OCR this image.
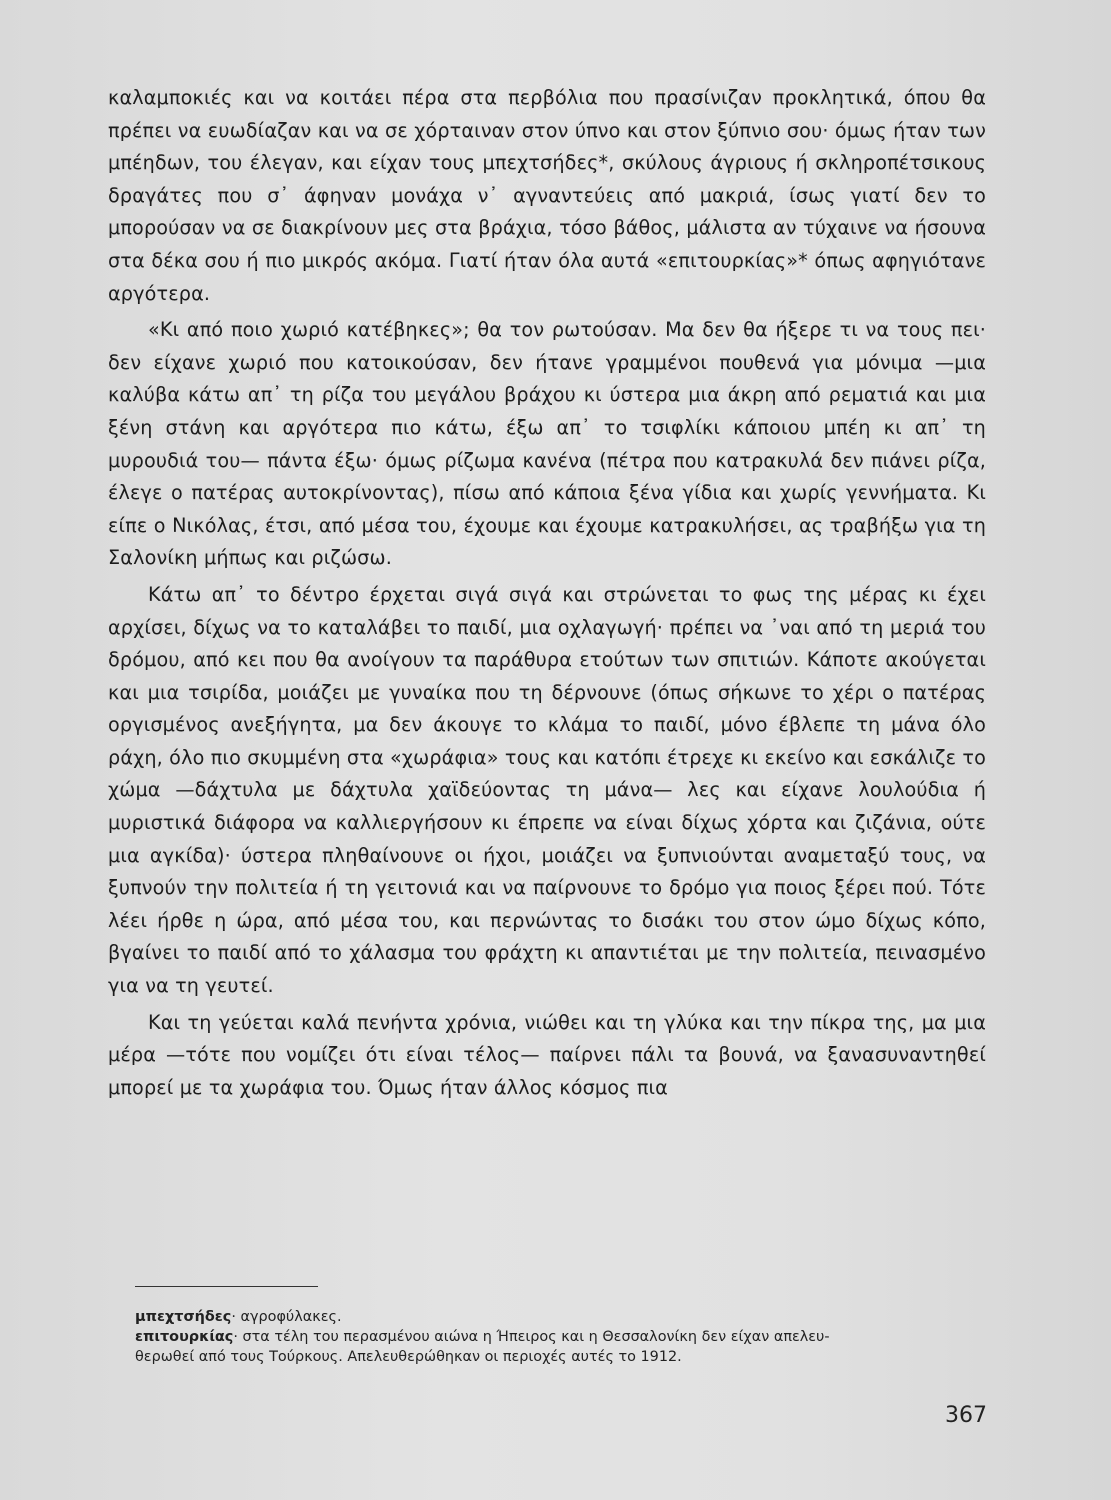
καλαμποκιές και να κοιτάει πέρα στα περβόλια που πρασίνιζαν προκλητικά, όπου θα πρέπει να ευωδίαζαν και να σε χόρταιναν στον ύπνο και στον ξύπνιο σου· όμως ήταν των μπέηδων, του έλεγαν, και είχαν τους μπεχτσήδες*, σκύλους άγριους ή σκληροπέτσικους δραγάτες που σ᾽ άφηναν μονάχα ν᾽ αγναντεύεις από μακριά, ίσως γιατί δεν το μπορούσαν να σε διακρίνουν μες στα βράχια, τόσο βάθος, μάλιστα αν τύχαινε να ήσουνα στα δέκα σου ή πιο μικρός ακόμα. Γιατί ήταν όλα αυτά «επιτουρκίας»* όπως αφηγιότανε αργότερα.

«Κι από ποιο χωριό κατέβηκες»; θα τον ρωτούσαν. Μα δεν θα ήξερε τι να τους πει· δεν είχανε χωριό που κατοικούσαν, δεν ήτανε γραμμένοι πουθενά για μόνιμα —μια καλύβα κάτω απ᾽ τη ρίζα του μεγάλου βράχου κι ύστερα μια άκρη από ρεματιά και μια ξένη στάνη και αργότερα πιο κάτω, έξω απ᾽ το τσιφλίκι κάποιου μπέη κι απ᾽ τη μυρουδιά του— πάντα έξω· όμως ρίζωμα κανένα (πέτρα που κατρακυλά δεν πιάνει ρίζα, έλεγε ο πατέρας αυτοκρίνοντας), πίσω από κάποια ξένα γίδια και χωρίς γεννήματα. Κι είπε ο Νικόλας, έτσι, από μέσα του, έχουμε και έχουμε κατρακυλήσει, ας τραβήξω για τη Σαλονίκη μήπως και ριζώσω.

Κάτω απ᾽ το δέντρο έρχεται σιγά σιγά και στρώνεται το φως της μέρας κι έχει αρχίσει, δίχως να το καταλάβει το παιδί, μια οχλαγωγή· πρέπει να ᾽ναι από τη μεριά του δρόμου, από κει που θα ανοίγουν τα παράθυρα ετούτων των σπιτιών. Κάποτε ακούγεται και μια τσιρίδα, μοιάζει με γυναίκα που τη δέρνουνε (όπως σήκωνε το χέρι ο πατέρας οργισμένος ανεξήγητα, μα δεν άκουγε το κλάμα το παιδί, μόνο έβλεπε τη μάνα όλο ράχη, όλο πιο σκυμμένη στα «χωράφια» τους και κατόπι έτρεχε κι εκείνο και εσκάλιζε το χώμα —δάχτυλα με δάχτυλα χαϊδεύοντας τη μάνα— λες και είχανε λουλούδια ή μυριστικά διάφορα να καλλιεργήσουν κι έπρεπε να είναι δίχως χόρτα και ζιζάνια, ούτε μια αγκίδα)· ύστερα πληθαίνουνε οι ήχοι, μοιάζει να ξυπνιούνται αναμεταξύ τους, να ξυπνούν την πολιτεία ή τη γειτονιά και να παίρνουνε το δρόμο για ποιος ξέρει πού. Τότε λέει ήρθε η ώρα, από μέσα του, και περνώντας το δισάκι του στον ώμο δίχως κόπο, βγαίνει το παιδί από το χάλασμα του φράχτη κι απαντιέται με την πολιτεία, πεινασμένο για να τη γευτεί.

Και τη γεύεται καλά πενήντα χρόνια, νιώθει και τη γλύκα και την πίκρα της, μα μια μέρα —τότε που νομίζει ότι είναι τέλος— παίρνει πάλι τα βουνά, να ξανασυναντηθεί μπορεί με τα χωράφια του. Όμως ήταν άλλος κόσμος πια

μπεχτσήδες· αγροφύλακες.

επιτουρκίας· στα τέλη του περασμένου αιώνα η Ήπειρος και η Θεσσαλονίκη δεν είχαν απελευ-

θερωθεί από τους Τούρκους. Απελευθερώθηκαν οι περιοχές αυτές το 1912.

367
